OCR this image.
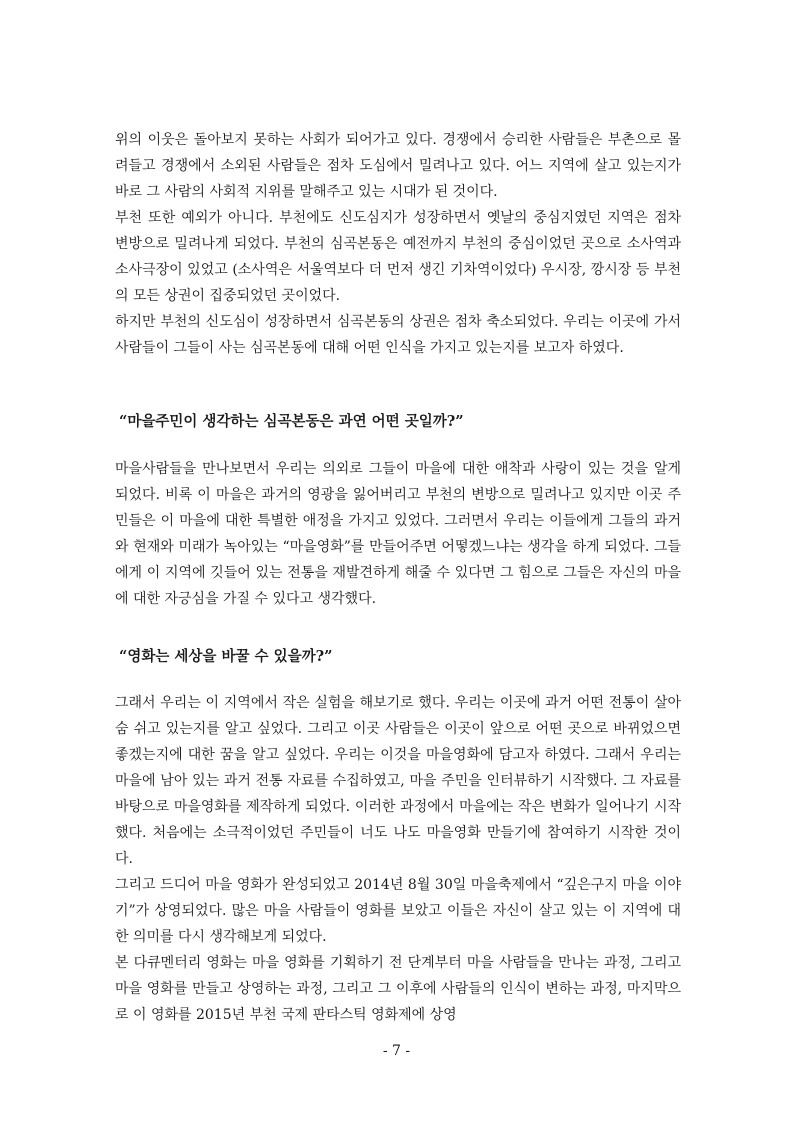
위의 이웃은 돌아보지 못하는 사회가 되어가고 있다. 경쟁에서 승리한 사람들은 부촌으로 몰려들고 경쟁에서 소외된 사람들은 점차 도심에서 밀려나고 있다. 어느 지역에 살고 있는지가 바로 그 사람의 사회적 지위를 말해주고 있는 시대가 된 것이다.

부천 또한 예외가 아니다. 부천에도 신도심지가 성장하면서 옛날의 중심지였던 지역은 점차 변방으로 밀려나게 되었다. 부천의 심곡본동은 예전까지 부천의 중심이었던 곳으로 소사역과 소사극장이 있었고 (소사역은 서울역보다 더 먼저 생긴 기차역이었다) 우시장, 깡시장 등 부천의 모든 상권이 집중되었던 곳이었다.

하지만 부천의 신도심이 성장하면서 심곡본동의 상권은 점차 축소되었다. 우리는 이곳에 가서 사람들이 그들이 사는 심곡본동에 대해 어떤 인식을 가지고 있는지를 보고자 하였다.

“마을주민이 생각하는 심곡본동은 과연 어떤 곳일까?”

마을사람들을 만나보면서 우리는 의외로 그들이 마을에 대한 애착과 사랑이 있는 것을 알게 되었다. 비록 이 마을은 과거의 영광을 잃어버리고 부천의 변방으로 밀려나고 있지만 이곳 주민들은 이 마을에 대한 특별한 애정을 가지고 있었다. 그러면서 우리는 이들에게 그들의 과거와 현재와 미래가 녹아있는 “마을영화”를 만들어주면 어떻겠느냐는 생각을 하게 되었다. 그들에게 이 지역에 깃들어 있는 전통을 재발견하게 해줄 수 있다면 그 힘으로 그들은 자신의 마을에 대한 자긍심을 가질 수 있다고 생각했다.

“영화는 세상을 바꿀 수 있을까?”

그래서 우리는 이 지역에서 작은 실험을 해보기로 했다. 우리는 이곳에 과거 어떤 전통이 살아 숨 쉬고 있는지를 알고 싶었다. 그리고 이곳 사람들은 이곳이 앞으로 어떤 곳으로 바뀌었으면 좋겠는지에 대한 꿈을 알고 싶었다. 우리는 이것을 마을영화에 담고자 하였다. 그래서 우리는 마을에 남아 있는 과거 전통 자료를 수집하였고, 마을 주민을 인터뷰하기 시작했다. 그 자료를 바탕으로 마을영화를 제작하게 되었다. 이러한 과정에서 마을에는 작은 변화가 일어나기 시작했다. 처음에는 소극적이었던 주민들이 너도 나도 마을영화 만들기에 참여하기 시작한 것이다.

그리고 드디어 마을 영화가 완성되었고 2014년 8월 30일 마을축제에서 “깊은구지 마을 이야기”가 상영되었다. 많은 마을 사람들이 영화를 보았고 이들은 자신이 살고 있는 이 지역에 대한 의미를 다시 생각해보게 되었다.

본 다큐멘터리 영화는 마을 영화를 기획하기 전 단계부터 마을 사람들을 만나는 과정, 그리고 마을 영화를 만들고 상영하는 과정, 그리고 그 이후에 사람들의 인식이 변하는 과정, 마지막으로 이 영화를 2015년 부천 국제 판타스틱 영화제에 상영

- 7 -
